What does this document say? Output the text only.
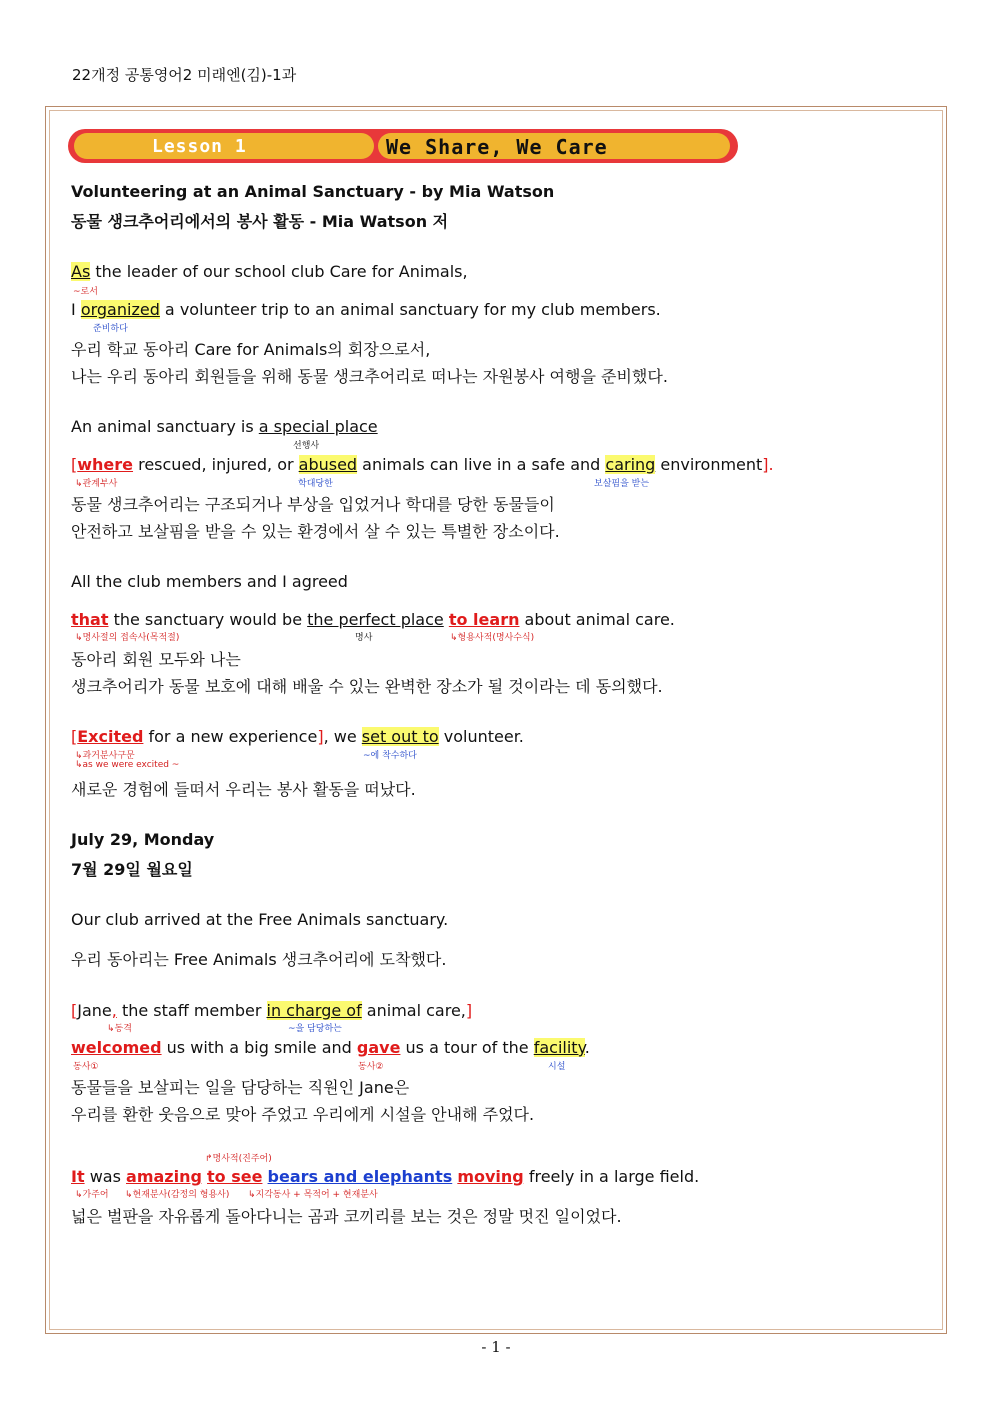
22개정 공통영어2 미래엔(김)-1과
Lesson 1	We Share, We Care
Volunteering at an Animal Sanctuary - by Mia Watson
동물 생크추어리에서의 봉사 활동 - Mia Watson 저
As the leader of our school club Care for Animals,
~로서
I organized a volunteer trip to an animal sanctuary for my club members.
준비하다
우리 학교 동아리 Care for Animals의 회장으로서,
나는 우리 동아리 회원들을 위해 동물 생크추어리로 떠나는 자원봉사 여행을 준비했다.
An animal sanctuary is a special place
선행사
[where rescued, injured, or abused animals can live in a safe and caring environment].
↳관계부사	학대당한	보살핌을 받는
동물 생크추어리는 구조되거나 부상을 입었거나 학대를 당한 동물들이
안전하고 보살핌을 받을 수 있는 환경에서 살 수 있는 특별한 장소이다.
All the club members and I agreed
that the sanctuary would be the perfect place to learn about animal care.
↳명사절의 접속사(목적절)	명사	↳형용사적(명사수식)
동아리 회원 모두와 나는
생크추어리가 동물 보호에 대해 배울 수 있는 완벽한 장소가 될 것이라는 데 동의했다.
[Excited for a new experience], we set out to volunteer.
↳과거분사구문
↳as we were excited ~
~에 착수하다
새로운 경험에 들떠서 우리는 봉사 활동을 떠났다.
July 29, Monday
7월 29일 월요일
Our club arrived at the Free Animals sanctuary.
우리 동아리는 Free Animals 생크추어리에 도착했다.
[Jane, the staff member in charge of animal care,]
↳동격	~을 담당하는
welcomed us with a big smile and gave us a tour of the facility.
동사①	동사②	시설
동물들을 보살피는 일을 담당하는 직원인 Jane은
우리를 환한 웃음으로 맞아 주었고 우리에게 시설을 안내해 주었다.
↱명사적(진주어)
It was amazing to see bears and elephants moving freely in a large field.
↳가주어 ↳현재분사(감정의 형용사) ↳지각동사 + 목적어 + 현재분사
넓은 벌판을 자유롭게 돌아다니는 곰과 코끼리를 보는 것은 정말 멋진 일이었다.
- 1 -
